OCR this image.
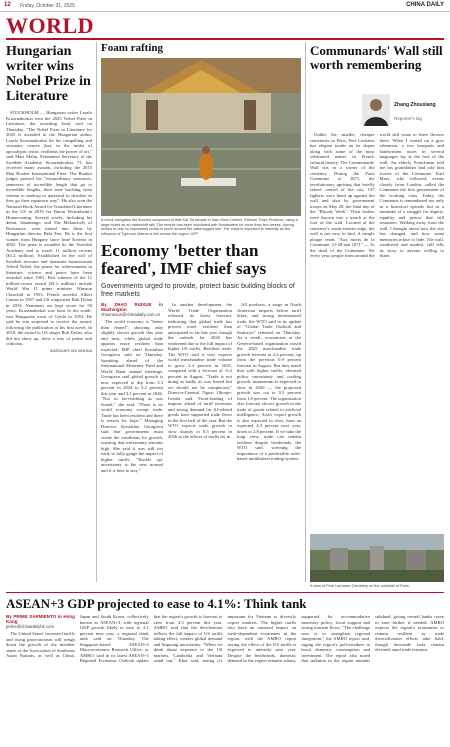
12 Friday, October 31, 2025	CHINA DAILY
WORLD
Hungarian writer wins Nobel Prize in Literature

STOCKHOLM — Hungarian writer Laszlo Krasznahorkai won the 2025 Nobel Prize in Literature, the awarding body said on Thursday. "The Nobel Prize in Literature for 2025 is awarded to the Hungarian author Laszlo Krasznahorkai for his compelling and visionary oeuvre that, in the midst of apocalyptic terror, reaffirms the power of art," said Mats Malm, Permanent Secretary of the Swedish Academy. Krasznahorkai, 71, has received many awards, including the 2015 Man Booker International Prize. The Booker judges praised his "extraordinary sentences, sentences of incredible length that go to incredible lengths, their tone lurching from solemn to madcap to quizzical to desolate as they go their rapturous way". He also won the National Book Award for Translated Literature in the US in 2019 for Baron Wenckheim's Homecoming. Several works, including his debut, Satantango, and The Melancholy of Resistance, were turned into films by Hungarian director Bela Tarr. He is the first winner from Hungary since Imre Kertesz in 2002. The prize is awarded by the Swedish Academy and is worth 11 million crowns ($1.2 million). Established in the will of Swedish inventor and dynamite businessman Alfred Nobel, the prizes for achievements in literature, science and peace have been awarded since 1901. Past winners of the 11 million-crown award ($1.2 million) include World War II prime minister Winston Churchill in 1953, French novelist Albert Camus in 1957 and US songwriter Bob Dylan in 2016. Nominees are kept secret for 50 years. Krasznahorkai was born in the south-east Hungarian town of Gyula in 1954. He said he was surprised to receive the award, following the publication of his first novel. In 2018, the award to US singer Bob Dylan, who did not show up, drew a mix of praise and criticism.

AGENCIES VIA XINHUA
Foam rafting
A monk navigates the flooded compound of Wat Kai Tia temple in Sam Khok District, Pathum Thani Province, using a large board as an makeshift raft. The temple has been inundated with floodwaters for more than two weeks, forcing monks to rely on improvised boats to move around the waterlogged site. The crisis is expected to intensify as the influence of Typhoon Matmo is felt across the region. AFP
Economy 'better than feared', IMF chief says
Governments urged to provide, protect basic building blocks of free markets
By ZHAO RUIXUE in Washington
zhaoruixue@chinadaily.com.cn

The world economy is "better than feared", showing only slightly slower growth this year and next, while global trade appears more resilient than expected, IMF chief Kristalina Georgieva said on Thursday. Speaking ahead of the International Monetary Fund and World Bank annual meetings, Georgieva said global growth is now expected to dip from 3.3 percent in 2024 to 3.2 percent this year and 3.1 percent in 2026. "Not so far-reaching as was feared," she said. "There is no world economy except trade. Trade has been resilient and there is reason for hope." Managing Director Kristalina Georgieva said that governments must create the conditions for growth, warning that uncertainty remains high. She said it was still too early to fully gauge the impact of higher tariffs. "Buckle up: uncertainty is the new normal and it is here to stay."

In another development, the World Trade Organization released its latest forecast, indicating that global trade has proven more resilient than anticipated so far this year, though the outlook for 2026 has weakened due to the full impact of higher US tariffs. Resilient trade: The WTO said it now expects world merchandise trade volume to grow 2.4 percent in 2025, compared with a forecast of -0.2 percent in August. "Trade is not doing as badly as was feared but we should not be complacent," Director-General Ngozi Okonjo-Iweala said. Front-loading of imports ahead of tariff increases and strong demand for AI-related goods have supported trade flows in the first half of the year. But the WTO expects trade growth to slow sharply to 0.5 percent in 2026 as the effects of tariffs set in.

All products, a surge in North American imports before tariff hikes, and strong international trade, the WTO said in its update of "Global Trade Outlook and Statistics" released on Thursday. As a result, economists at the Geneva-based organization raised the 2025 merchandise trade growth forecast to 2.4 percent, up from the previous 0.9 percent forecast in August. But they noted that with higher tariffs, elevated policy uncertainty and cooling growth, momentum is expected to slow in 2026 — the projected growth was cut to 0.5 percent from 1.8 percent. The organization also forecast slower growth in the trade of goods related to artificial intelligence. Asia's export growth is also expected to slow, from an expected 4.4 percent next year, down to 2.8 percent. If we take the long view, trade can remain resilient despite headwinds, the WTO said, stressing the importance of a predictable rules-based multilateral trading system.

Communards' Wall still worth remembering
Zhang Zhouxiang
Reporter's log

Unlike the smaller, cheaper cemeteries in Paris, Pere Lachaise has elegant tombs on its slopes along with some of the most celebrated names in French cultural history. The Communards' Wall sits in a corner of the cemetery. During the Paris Commune of 1871, the revolutionary uprising that briefly seized control of the city, 147 fighters were lined up against the wall and shot by government troops on May 28, the final day of the "Bloody Week". Their bodies were thrown into a trench at the foot of the wall. Located at the cemetery's south-eastern edge, the wall is not easy to find. A simple plaque reads "Aux morts de la Commune, 21-28 mai 1871" — To the dead of the Commune. Yet every year, people from around the world still come to leave flowers there. When I visited on a grey afternoon, a few bouquets and handwritten notes in several languages lay at the foot of the wall. An elderly Frenchman told me his grandfather had told him stories of the Commune. Karl Marx, who followed events closely from London, called the Commune the first government of the working class. Today, the Commune is remembered not only as a historical episode but as a reminder of a struggle for dignity, equality and justice that still resonates. Walking away from the wall, I thought about how the city has changed, and how some memories refuse to fade. The wall, weathered and modest, still tells its story to anyone willing to listen.

A view of Pere Lachaise Cemetery on the outskirts of Paris.
ASEAN+3 GDP projected to ease to 4.1%: Think tank
By PRIME SARMIENTO in Hong Kong
prime@chinadailyhk.com

The United States' increased tariffs and rising protectionism will weigh down the growth of the member states of the Association of Southeast Asian Nations, as well as China, Japan and South Korea, collectively known as ASEAN+3, with regional GDP growth likely to ease to 4.1 percent next year, a regional think tank said on Thursday. The Singapore-based ASEAN+3 Macroeconomic Research Office, or AMRO, said in its latest ASEAN+3 Regional Economic Outlook update that the region's growth is forecast to slow from 4.3 percent this year. AMRO said that the deceleration reflects the full impact of US tariffs taking effect, weaker global demand and lingering uncertainty. "When we think about exposure to the US markets, Cambodia and Vietnam stand out," Khor said, noting it's important for Vietnam to diversify export markets. The higher tariffs also have an outsized impact on trade-dependent economies in the region, with the AMRO report saying the effect of the US tariffs is expected to intensify next year. Despite the headwinds, domestic demand in the region remains robust, supported by accommodative monetary policy, fiscal support and strong tourism flows. "The challenge now is to strengthen regional integration," the AMRO report said, urging the region's policymakers to boost domestic consumption and investment. The report also noted that inflation in the region remains subdued, giving central banks room to ease further if needed. AMRO expects the region's economies to remain resilient as trade diversification efforts take hold, though downside risks remain elevated amid trade tensions.
